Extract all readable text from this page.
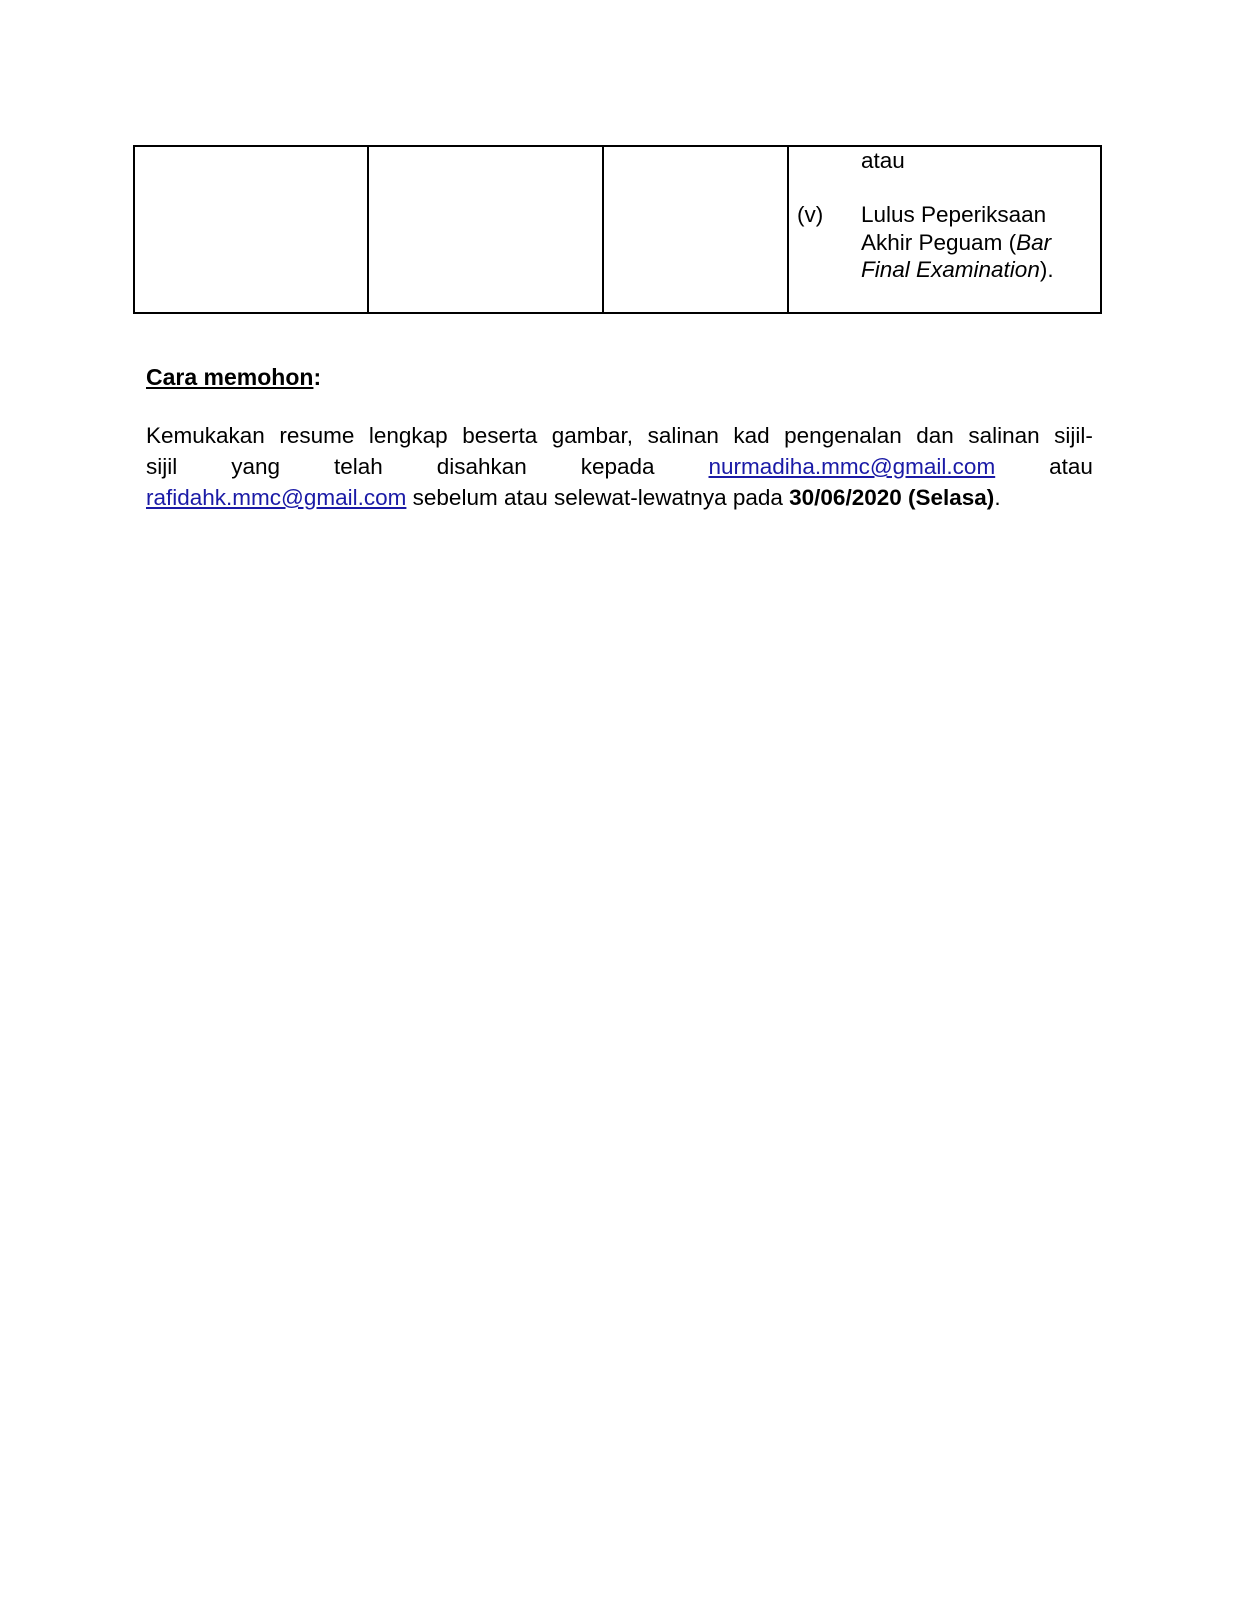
atau
(v) Lulus Peperiksaan
Akhir Peguam (Bar
Final Examination).
Cara memohon:
Kemukakan resume lengkap beserta gambar, salinan kad pengenalan dan salinan sijil-
sijil yang telah disahkan kepada nurmadiha.mmc@gmail.com atau
rafidahk.mmc@gmail.com sebelum atau selewat-lewatnya pada 30/06/2020 (Selasa).
